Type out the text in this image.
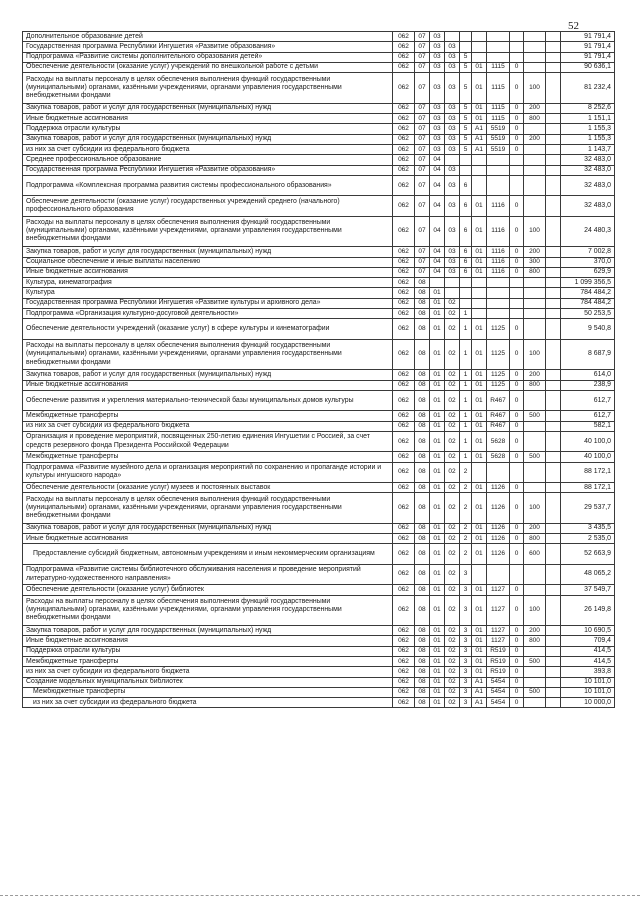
52
Дополнительное образование детей	062	07	03								91 791,4
Государственная программа Республики Ингушетия «Развитие образования»	062	07	03	03							91 791,4
Подпрограмма «Развитие системы дополнительного образования детей»	062	07	03	03	5						91 791,4
Обеспечение деятельности (оказание услуг) учреждений по внешкольной работе с детьми	062	07	03	03	5	01	1115	0			90 636,1
Расходы на выплаты персоналу в целях обеспечения выполнения функций государственными (муниципальными) органами, казёнными учреждениями, органами управления государственными внебюджетными фондами	062	07	03	03	5	01	1115	0	100		81 232,4
Закупка товаров, работ и услуг для государственных (муниципальных) нужд	062	07	03	03	5	01	1115	0	200		8 252,6
Иные бюджетные ассигнования	062	07	03	03	5	01	1115	0	800		1 151,1
Поддержка отрасли культуры	062	07	03	03	5	A1	5519	0			1 155,3
Закупка товаров, работ и услуг для государственных (муниципальных) нужд	062	07	03	03	5	A1	5519	0	200		1 155,3
из них за счет субсидии из федерального бюджета	062	07	03	03	5	A1	5519	0			1 143,7
Среднее профессиональное образование	062	07	04								32 483,0
Государственная программа Республики Ингушетия «Развитие образования»	062	07	04	03							32 483,0
Подпрограмма «Комплексная программа развития системы профессионального образования»	062	07	04	03	6						32 483,0
Обеспечение деятельности (оказание услуг) государственных учреждений среднего (начального) профессионального образования	062	07	04	03	6	01	1116	0			32 483,0
Расходы на выплаты персоналу в целях обеспечения выполнения функций государственными (муниципальными) органами, казёнными учреждениями, органами управления государственными внебюджетными фондами	062	07	04	03	6	01	1116	0	100		24 480,3
Закупка товаров, работ и услуг для государственных (муниципальных) нужд	062	07	04	03	6	01	1116	0	200		7 002,8
Социальное обеспечение и иные выплаты населению	062	07	04	03	6	01	1116	0	300		370,0
Иные бюджетные ассигнования	062	07	04	03	6	01	1116	0	800		629,9
Культура, кинематография	062	08									1 099 356,5
Культура	062	08	01								784 484,2
Государственная программа Республики Ингушетия «Развитие культуры и архивного дела»	062	08	01	02							784 484,2
Подпрограмма «Организация культурно-досуговой деятельности»	062	08	01	02	1						50 253,5
Обеспечение деятельности учреждений (оказание услуг) в сфере культуры и кинематографии	062	08	01	02	1	01	1125	0			9 540,8
Расходы на выплаты персоналу в целях обеспечения выполнения функций государственными (муниципальными) органами, казёнными учреждениями, органами управления государственными внебюджетными фондами	062	08	01	02	1	01	1125	0	100		8 687,9
Закупка товаров, работ и услуг для государственных (муниципальных) нужд	062	08	01	02	1	01	1125	0	200		614,0
Иные бюджетные ассигнования	062	08	01	02	1	01	1125	0	800		238,9
Обеспечение развития и укрепления материально-технической базы муниципальных домов культуры	062	08	01	02	1	01	R467	0			612,7
Межбюджетные трансферты	062	08	01	02	1	01	R467	0	500		612,7
из них за счет субсидии из федерального бюджета	062	08	01	02	1	01	R467	0			582,1
Организация и проведение мероприятий, посвященных 250-летию единения Ингушетии с Россией, за счет средств резервного фонда Президента Российской Федерации	062	08	01	02	1	01	5628	0			40 100,0
Межбюджетные трансферты	062	08	01	02	1	01	5628	0	500		40 100,0
Подпрограмма «Развитие музейного дела и организация мероприятий по сохранению и пропаганде истории и культуры ингушского народа»	062	08	01	02	2						88 172,1
Обеспечение деятельности (оказание услуг) музеев и постоянных выставок	062	08	01	02	2	01	1126	0			88 172,1
Расходы на выплаты персоналу в целях обеспечения выполнения функций государственными (муниципальными) органами, казёнными учреждениями, органами управления государственными внебюджетными фондами	062	08	01	02	2	01	1126	0	100		29 537,7
Закупка товаров, работ и услуг для государственных (муниципальных) нужд	062	08	01	02	2	01	1126	0	200		3 435,5
Иные бюджетные ассигнования	062	08	01	02	2	01	1126	0	800		2 535,0
Предоставление субсидий бюджетным, автономным учреждениям и иным некоммерческим организациям	062	08	01	02	2	01	1126	0	600		52 663,9
Подпрограмма «Развитие системы библиотечного обслуживания населения и проведение мероприятий литературно-художественного направления»	062	08	01	02	3						48 065,2
Обеспечение деятельности (оказание услуг) библиотек	062	08	01	02	3	01	1127	0			37 549,7
Расходы на выплаты персоналу в целях обеспечения выполнения функций государственными (муниципальными) органами, казёнными учреждениями, органами управления государственными внебюджетными фондами	062	08	01	02	3	01	1127	0	100		26 149,8
Закупка товаров, работ и услуг для государственных (муниципальных) нужд	062	08	01	02	3	01	1127	0	200		10 690,5
Иные бюджетные ассигнования	062	08	01	02	3	01	1127	0	800		709,4
Поддержка отрасли культуры	062	08	01	02	3	01	R519	0			414,5
Межбюджетные трансферты	062	08	01	02	3	01	R519	0	500		414,5
из них за счет субсидии из федерального бюджета	062	08	01	02	3	01	R519	0			393,8
Создание модельных муниципальных библиотек	062	08	01	02	3	A1	5454	0			10 101,0
Межбюджетные трансферты	062	08	01	02	3	A1	5454	0	500		10 101,0
из них за счет субсидии из федерального бюджета	062	08	01	02	3	A1	5454	0			10 000,0
